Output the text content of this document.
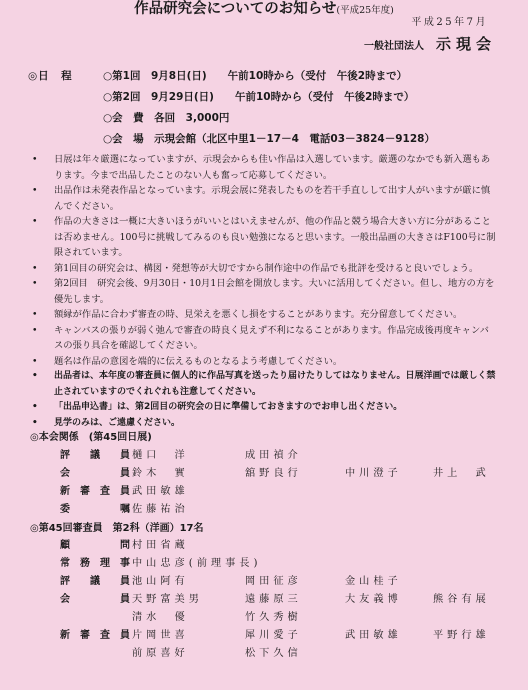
作品研究会についてのお知らせ(平成25年度)
平成25年7月
一般社団法人 示現会
◎日　程	○第1回　9月8日(日)　　午前10時から（受付　午後2時まで）
○第2回　9月29日(日)　　午前10時から（受付　午後2時まで）
○会　費　各回　3,000円
○会　場　示現会館（北区中里1－17－4　電話03－3824－9128）
• 日展は年々厳選になっていますが、示現会からも佳い作品は入選しています。厳選のなかでも新入選もあります。今まで出品したことのない人も奮って応募してください。
• 出品作は未発表作品となっています。示現会展に発表したものを若干手直しして出す人がいますが厳に慎んでください。
• 作品の大きさは一概に大きいほうがいいとはいえませんが、他の作品と競う場合大きい方に分があることは否めません。100号に挑戦してみるのも良い勉強になると思います。一般出品画の大きさはF100号に制限されています。
• 第1回目の研究会は、構図・発想等が大切ですから制作途中の作品でも批評を受けると良いでしょう。
• 第2回目　研究会後、9月30日・10月1日会館を開放します。大いに活用してください。但し、地方の方を優先します。
• 額縁が作品に合わず審査の時、見栄えを悪くし損をすることがあります。充分留意してください。
• キャンバスの張りが弱く弛んで審査の時良く見えず不利になることがあります。作品完成後再度キャンバスの張り具合を確認してください。
• 題名は作品の意図を端的に伝えるものとなるよう考慮してください。
• 出品者は、本年度の審査員に個人的に作品写真を送ったり届けたりしてはなりません。日展洋画では厳しく禁止されていますのでくれぐれも注意してください。
• 「出品申込書」は、第2回目の研究会の日に準備しておきますのでお申し出ください。
• 見学のみは、ご遠慮ください。
◎本会関係　(第45回日展)
評議員 樋口　洋	成田禎介
会員 鈴木　實	舘野良行	中川澄子	井上　武
新審査員 武田敏雄
委嘱 佐藤祐治
◎第45回審査員　第2科（洋画）17名
顧問 村田省蔵
常務理事 中山忠彦(前理事長)
評議員 池山阿有	岡田征彦	金山桂子
会員 天野富美男	遠藤原三	大友義博	熊谷有展
清水　優	竹久秀樹
新審査員 片岡世喜	犀川愛子	武田敏雄	平野行雄
前原喜好	松下久信
